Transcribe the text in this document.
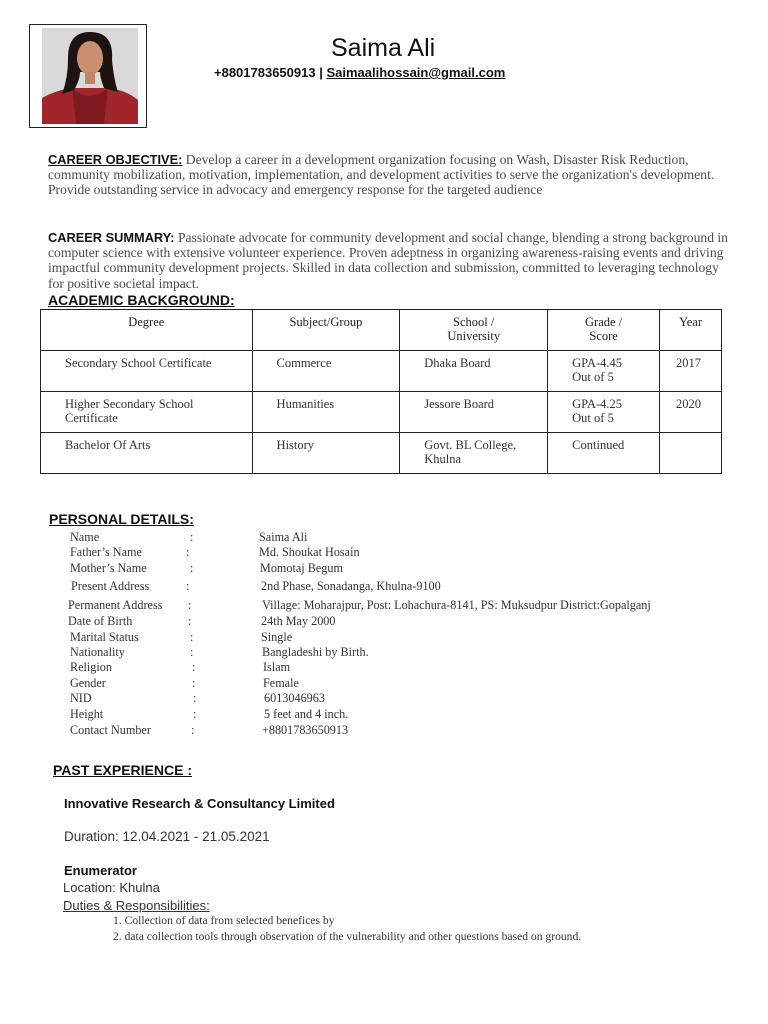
Saima Ali
+8801783650913 | Saimaalihossain@gmail.com
CAREER OBJECTIVE: Develop a career in a development organization focusing on Wash, Disaster Risk Reduction, community mobilization, motivation, implementation, and development activities to serve the organization's development. Provide outstanding service in advocacy and emergency response for the targeted audience
CAREER SUMMARY: Passionate advocate for community development and social change, blending a strong background in computer science with extensive volunteer experience. Proven adeptness in organizing awareness-raising events and driving impactful community development projects. Skilled in data collection and submission, committed to leveraging technology for positive societal impact.
ACADEMIC BACKGROUND:
Degree	Subject/Group	School / University	Grade / Score	Year
Secondary School Certificate	Commerce	Dhaka Board	GPA-4.45 Out of 5	2017
Higher Secondary School Certificate	Humanities	Jessore Board	GPA-4.25 Out of 5	2020
Bachelor Of Arts	History	Govt. BL College, Khulna	Continued	
PERSONAL DETAILS:
Name	:	Saima Ali
Father’s Name	:	Md. Shoukat Hosain
Mother’s Name	:	Momotaj Begum
Present Address	:	2nd Phase, Sonadanga, Khulna-9100
Permanent Address :	Village: Moharajpur, Post: Lohachura-8141, PS: Muksudpur District:Gopalganj
Date of Birth	:	24th May 2000
Marital Status	:	Single
Nationality	:	Bangladeshi by Birth.
Religion	:	Islam
Gender	:	Female
NID	:	6013046963
Height	:	5 feet and 4 inch.
Contact Number	:	+8801783650913
PAST EXPERIENCE :
Innovative Research & Consultancy Limited
Duration: 12.04.2021 - 21.05.2021
Enumerator
Location: Khulna
Duties & Responsibilities:
1. Collection of data from selected benefices by
2. data collection tools through observation of the vulnerability and other questions based on ground.
